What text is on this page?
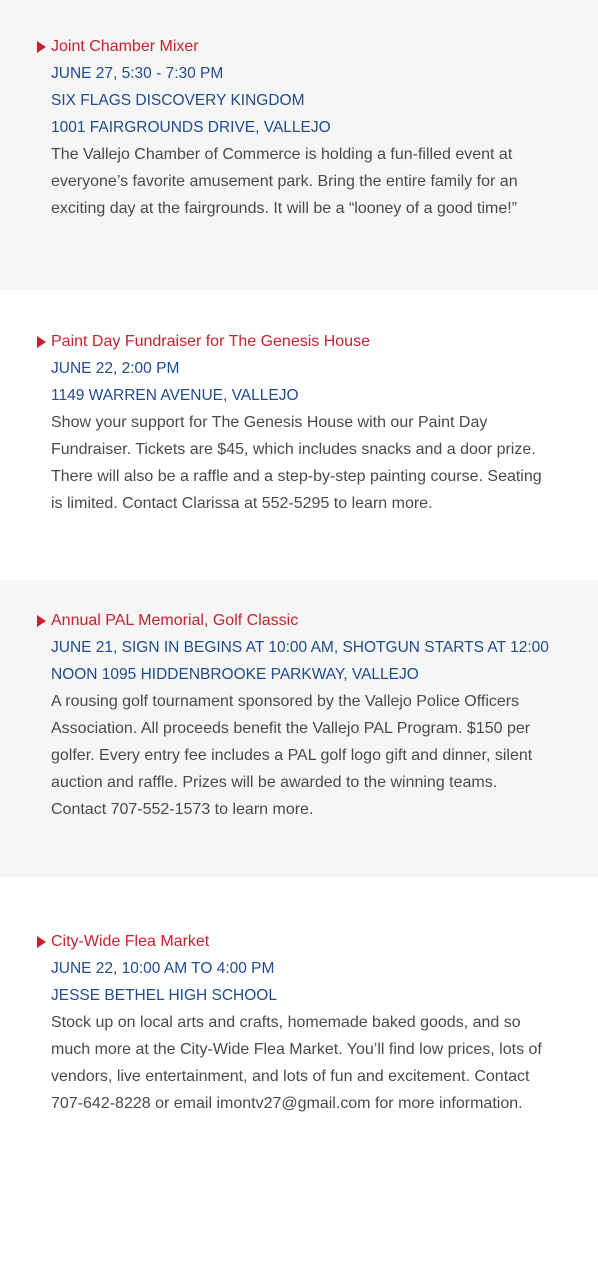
Joint Chamber Mixer
JUNE 27, 5:30 - 7:30 PM
SIX FLAGS DISCOVERY KINGDOM
1001 FAIRGROUNDS DRIVE, VALLEJO
The Vallejo Chamber of Commerce is holding a fun-filled event at everyone’s favorite amusement park. Bring the entire family for an exciting day at the fairgrounds. It will be a “looney of a good time!”
Paint Day Fundraiser for The Genesis House
JUNE 22, 2:00 PM
1149 WARREN AVENUE, VALLEJO
Show your support for The Genesis House with our Paint Day Fundraiser. Tickets are $45, which includes snacks and a door prize. There will also be a raffle and a step-by-step painting course. Seating is limited. Contact Clarissa at 552-5295 to learn more.
Annual PAL Memorial, Golf Classic
JUNE 21, SIGN IN BEGINS AT 10:00 AM, SHOTGUN STARTS AT 12:00
NOON 1095 HIDDENBROOKE PARKWAY, VALLEJO
A rousing golf tournament sponsored by the Vallejo Police Officers Association. All proceeds benefit the Vallejo PAL Program. $150 per golfer. Every entry fee includes a PAL golf logo gift and dinner, silent auction and raffle. Prizes will be awarded to the winning teams. Contact 707-552-1573 to learn more.
City-Wide Flea Market
JUNE 22, 10:00 AM TO 4:00 PM
JESSE BETHEL HIGH SCHOOL
Stock up on local arts and crafts, homemade baked goods, and so much more at the City-Wide Flea Market. You’ll find low prices, lots of vendors, live entertainment, and lots of fun and excitement. Contact 707-642-8228 or email imontv27@gmail.com for more information.
